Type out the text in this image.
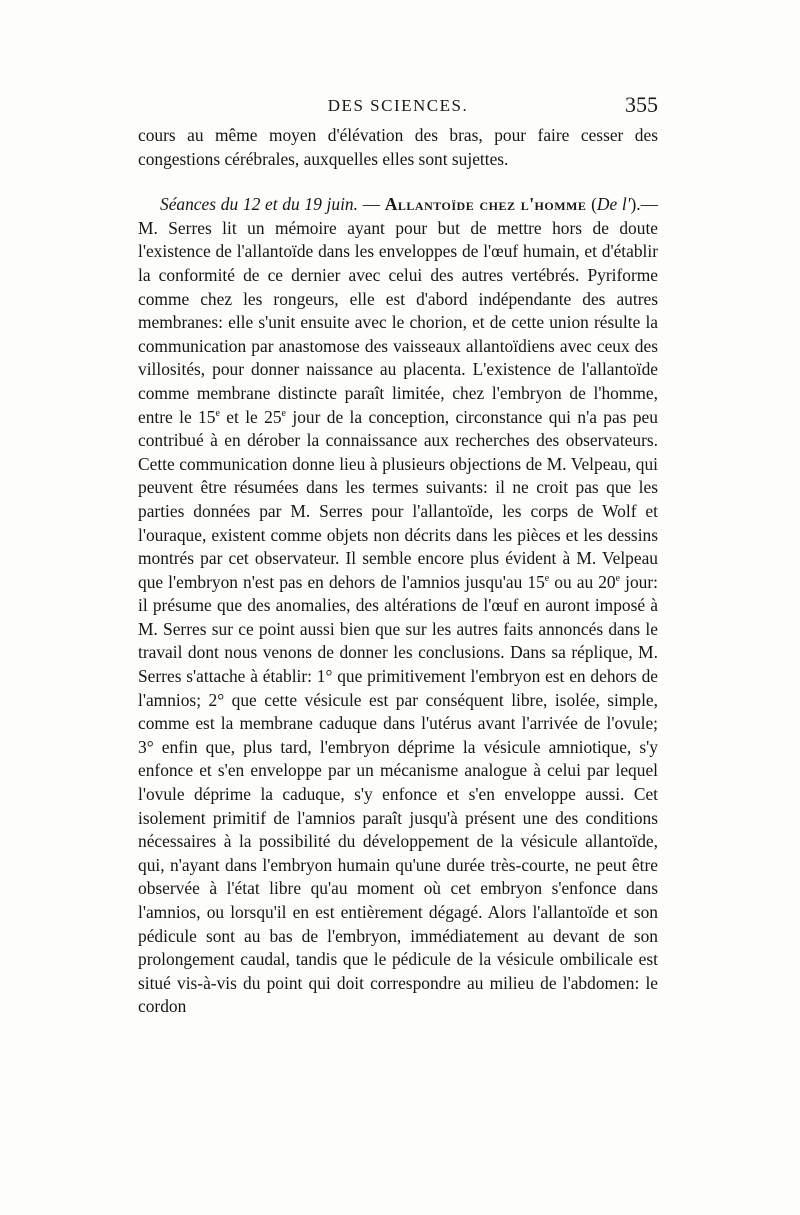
DES SCIENCES.	355

cours au même moyen d'élévation des bras, pour faire cesser des congestions cérébrales, auxquelles elles sont sujettes.

Séances du 12 et du 19 juin. — Allantoïde chez l'homme (De l').—M. Serres lit un mémoire ayant pour but de mettre hors de doute l'existence de l'allantoïde dans les enveloppes de l'œuf humain, et d'établir la conformité de ce dernier avec celui des autres vertébrés. Pyriforme comme chez les rongeurs, elle est d'abord indépendante des autres membranes: elle s'unit ensuite avec le chorion, et de cette union résulte la communication par anastomose des vaisseaux allantoïdiens avec ceux des villosités, pour donner naissance au placenta. L'existence de l'allantoïde comme membrane distincte paraît limitée, chez l'embryon de l'homme, entre le 15e et le 25e jour de la conception, circonstance qui n'a pas peu contribué à en dérober la connaissance aux recherches des observateurs. Cette communication donne lieu à plusieurs objections de M. Velpeau, qui peuvent être résumées dans les termes suivants: il ne croit pas que les parties données par M. Serres pour l'allantoïde, les corps de Wolf et l'ouraque, existent comme objets non décrits dans les pièces et les dessins montrés par cet observateur. Il semble encore plus évident à M. Velpeau que l'embryon n'est pas en dehors de l'amnios jusqu'au 15e ou au 20e jour: il présume que des anomalies, des altérations de l'œuf en auront imposé à M. Serres sur ce point aussi bien que sur les autres faits annoncés dans le travail dont nous venons de donner les conclusions. Dans sa réplique, M. Serres s'attache à établir: 1° que primitivement l'embryon est en dehors de l'amnios; 2° que cette vésicule est par conséquent libre, isolée, simple, comme est la membrane caduque dans l'utérus avant l'arrivée de l'ovule; 3° enfin que, plus tard, l'embryon déprime la vésicule amniotique, s'y enfonce et s'en enveloppe par un mécanisme analogue à celui par lequel l'ovule déprime la caduque, s'y enfonce et s'en enveloppe aussi. Cet isolement primitif de l'amnios paraît jusqu'à présent une des conditions nécessaires à la possibilité du développement de la vésicule allantoïde, qui, n'ayant dans l'embryon humain qu'une durée très-courte, ne peut être observée à l'état libre qu'au moment où cet embryon s'enfonce dans l'amnios, ou lorsqu'il en est entièrement dégagé. Alors l'allantoïde et son pédicule sont au bas de l'embryon, immédiatement au devant de son prolongement caudal, tandis que le pédicule de la vésicule ombilicale est situé vis-à-vis du point qui doit correspondre au milieu de l'abdomen: le cordon
